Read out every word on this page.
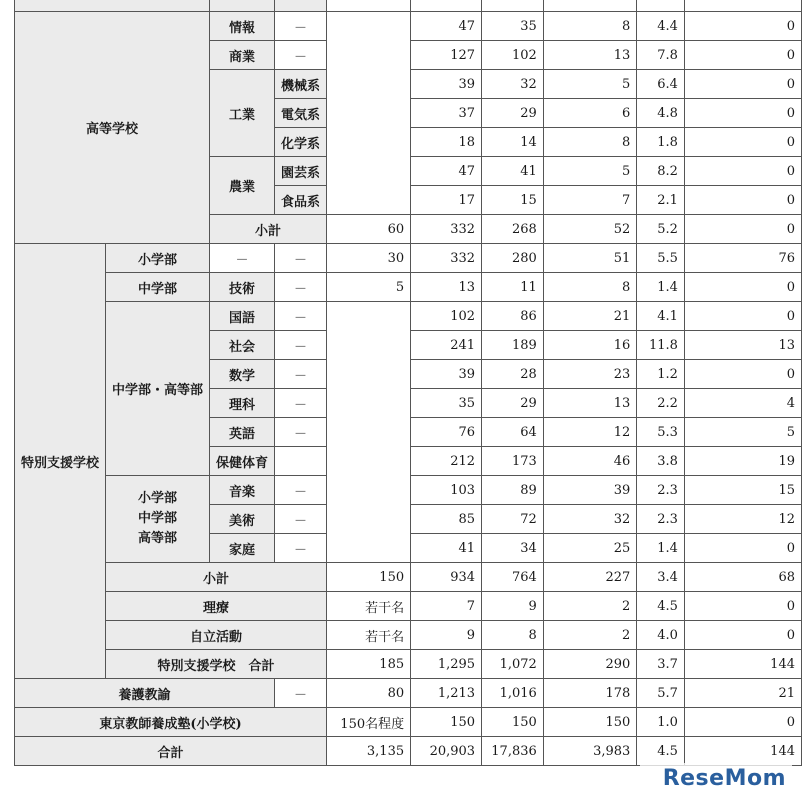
高等学校		情報	－		47	35	8	4.4	0
		商業	－		127	102	13	7.8	0
		工業	機械系		39	32	5	6.4	0
			電気系		37	29	6	4.8	0
			化学系		18	14	8	1.8	0
		農業	園芸系		47	41	5	8.2	0
			食品系		17	15	7	2.1	0
		小計		60	332	268	52	5.2	0
特別支援学校	小学部	－	－	30	332	280	51	5.5	76
	中学部	技術	－	5	13	11	8	1.4	0
	中学部・高等部	国語	－		102	86	21	4.1	0
		社会	－		241	189	16	11.8	13
		数学	－		39	28	23	1.2	0
		理科	－		35	29	13	2.2	4
		英語	－		76	64	12	5.3	5
		保健体育			212	173	46	3.8	19

	小学部
中学部
高等部	音楽	－		103	89	39	2.3	15
		美術	－		85	72	32	2.3	12
		家庭	－		41	34	25	1.4	0
	小計			150	934	764	227	3.4	68
	理療			若干名	7	9	2	4.5	0
	自立活動			若干名	9	8	2	4.0	0
	特別支援学校　合計			185	1,295	1,072	290	3.7	144
養護教諭			－	80	1,213	1,016	178	5.7	21
東京教師養成塾(小学校)				150名程度	150	150	150	1.0	0
合計				3,135	20,903	17,836	3,983	4.5	144
ReseMom
